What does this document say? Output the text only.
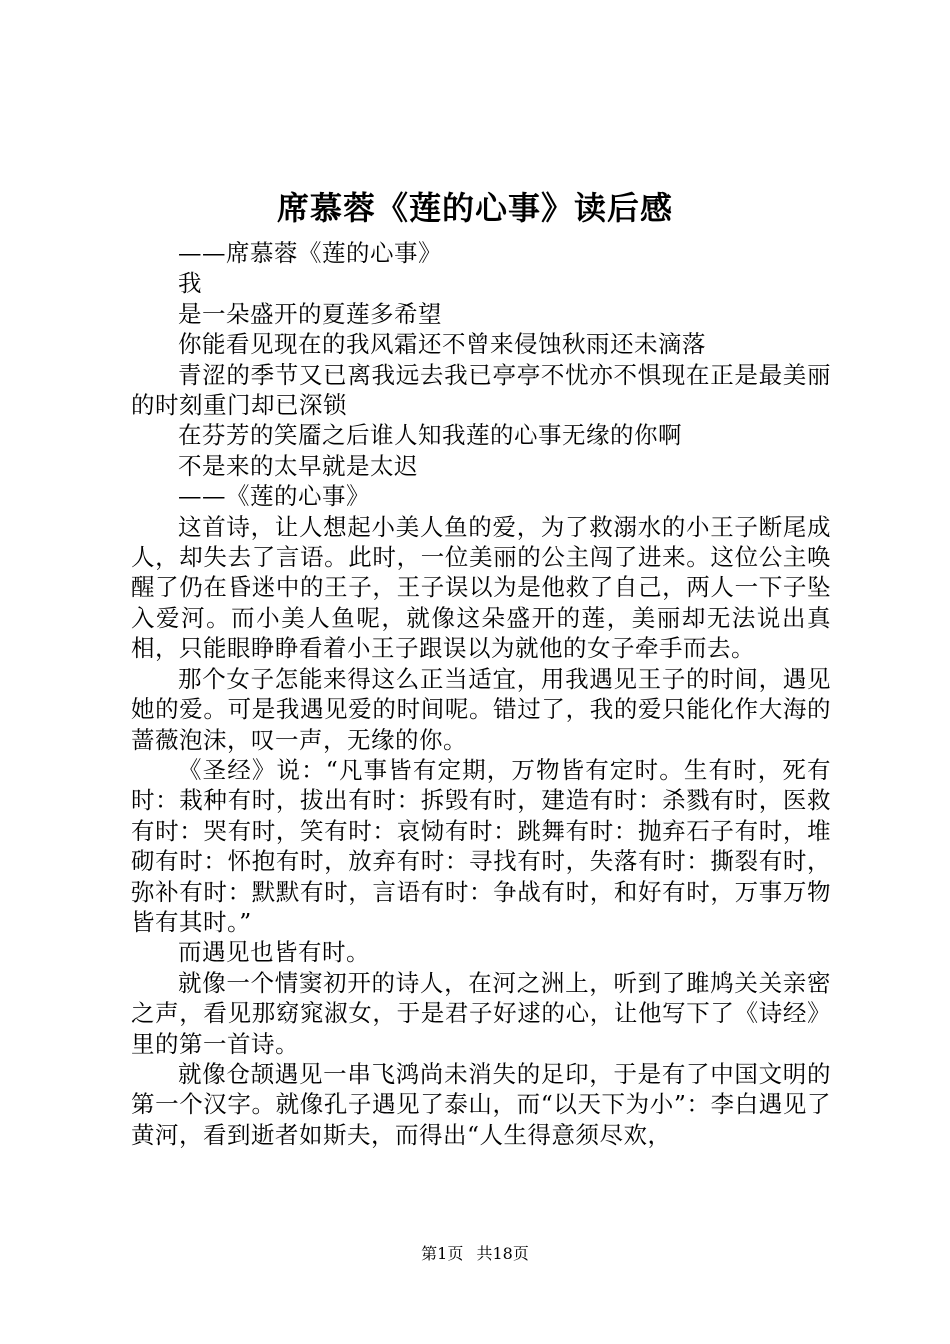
席慕蓉《莲的心事》读后感

——席慕蓉《莲的心事》

我

是一朵盛开的夏莲多希望

你能看见现在的我风霜还不曾来侵蚀秋雨还未滴落

青涩的季节又已离我远去我已亭亭不忧亦不惧现在正是最美丽的时刻重门却已深锁

在芬芳的笑靥之后谁人知我莲的心事无缘的你啊

不是来的太早就是太迟

——《莲的心事》

这首诗，让人想起小美人鱼的爱，为了救溺水的小王子断尾成人，却失去了言语。此时，一位美丽的公主闯了进来。这位公主唤醒了仍在昏迷中的王子，王子误以为是他救了自己，两人一下子坠入爱河。而小美人鱼呢，就像这朵盛开的莲，美丽却无法说出真相，只能眼睁睁看着小王子跟误以为就他的女子牵手而去。

那个女子怎能来得这么正当适宜，用我遇见王子的时间，遇见她的爱。可是我遇见爱的时间呢。错过了，我的爱只能化作大海的蔷薇泡沫，叹一声，无缘的你。

《圣经》说：“凡事皆有定期，万物皆有定时。生有时，死有时：栽种有时，拔出有时：拆毁有时，建造有时：杀戮有时，医救有时：哭有时，笑有时：哀恸有时：跳舞有时：抛弃石子有时，堆砌有时：怀抱有时，放弃有时：寻找有时，失落有时：撕裂有时，弥补有时：默默有时，言语有时：争战有时，和好有时，万事万物皆有其时。”

而遇见也皆有时。

就像一个情窦初开的诗人，在河之洲上，听到了雎鸠关关亲密之声，看见那窈窕淑女，于是君子好逑的心，让他写下了《诗经》里的第一首诗。

就像仓颉遇见一串飞鸿尚未消失的足印，于是有了中国文明的第一个汉字。就像孔子遇见了泰山，而“以天下为小”：李白遇见了黄河，看到逝者如斯夫，而得出“人生得意须尽欢，

第1页 共18页
